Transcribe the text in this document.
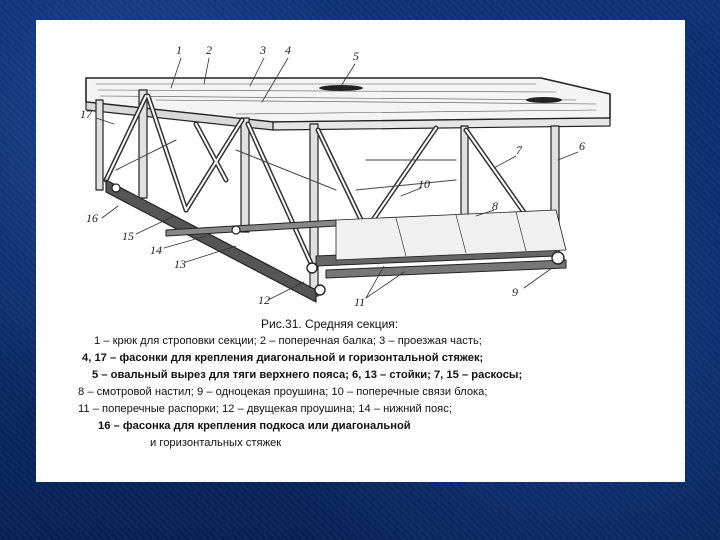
1 2	3 4	5
17
7	6
10
8
16
15
14
13
12	11
9
Рис.31. Средняя секция:
1 – крюк для строповки секции; 2 – поперечная балка; 3 – проезжая часть;
4, 17 – фасонки для крепления диагональной и горизонтальной стяжек;
5 – овальный вырез для тяги верхнего пояса; 6, 13 – стойки; 7, 15 – раскосы;
8 – смотровой настил; 9 – одноцекая проушина; 10 – поперечные связи блока;
11 – поперечные распорки; 12 – двущекая проушина; 14 – нижний пояс;
16 – фасонка для крепления подкоса или диагональной
и горизонтальных стяжек
